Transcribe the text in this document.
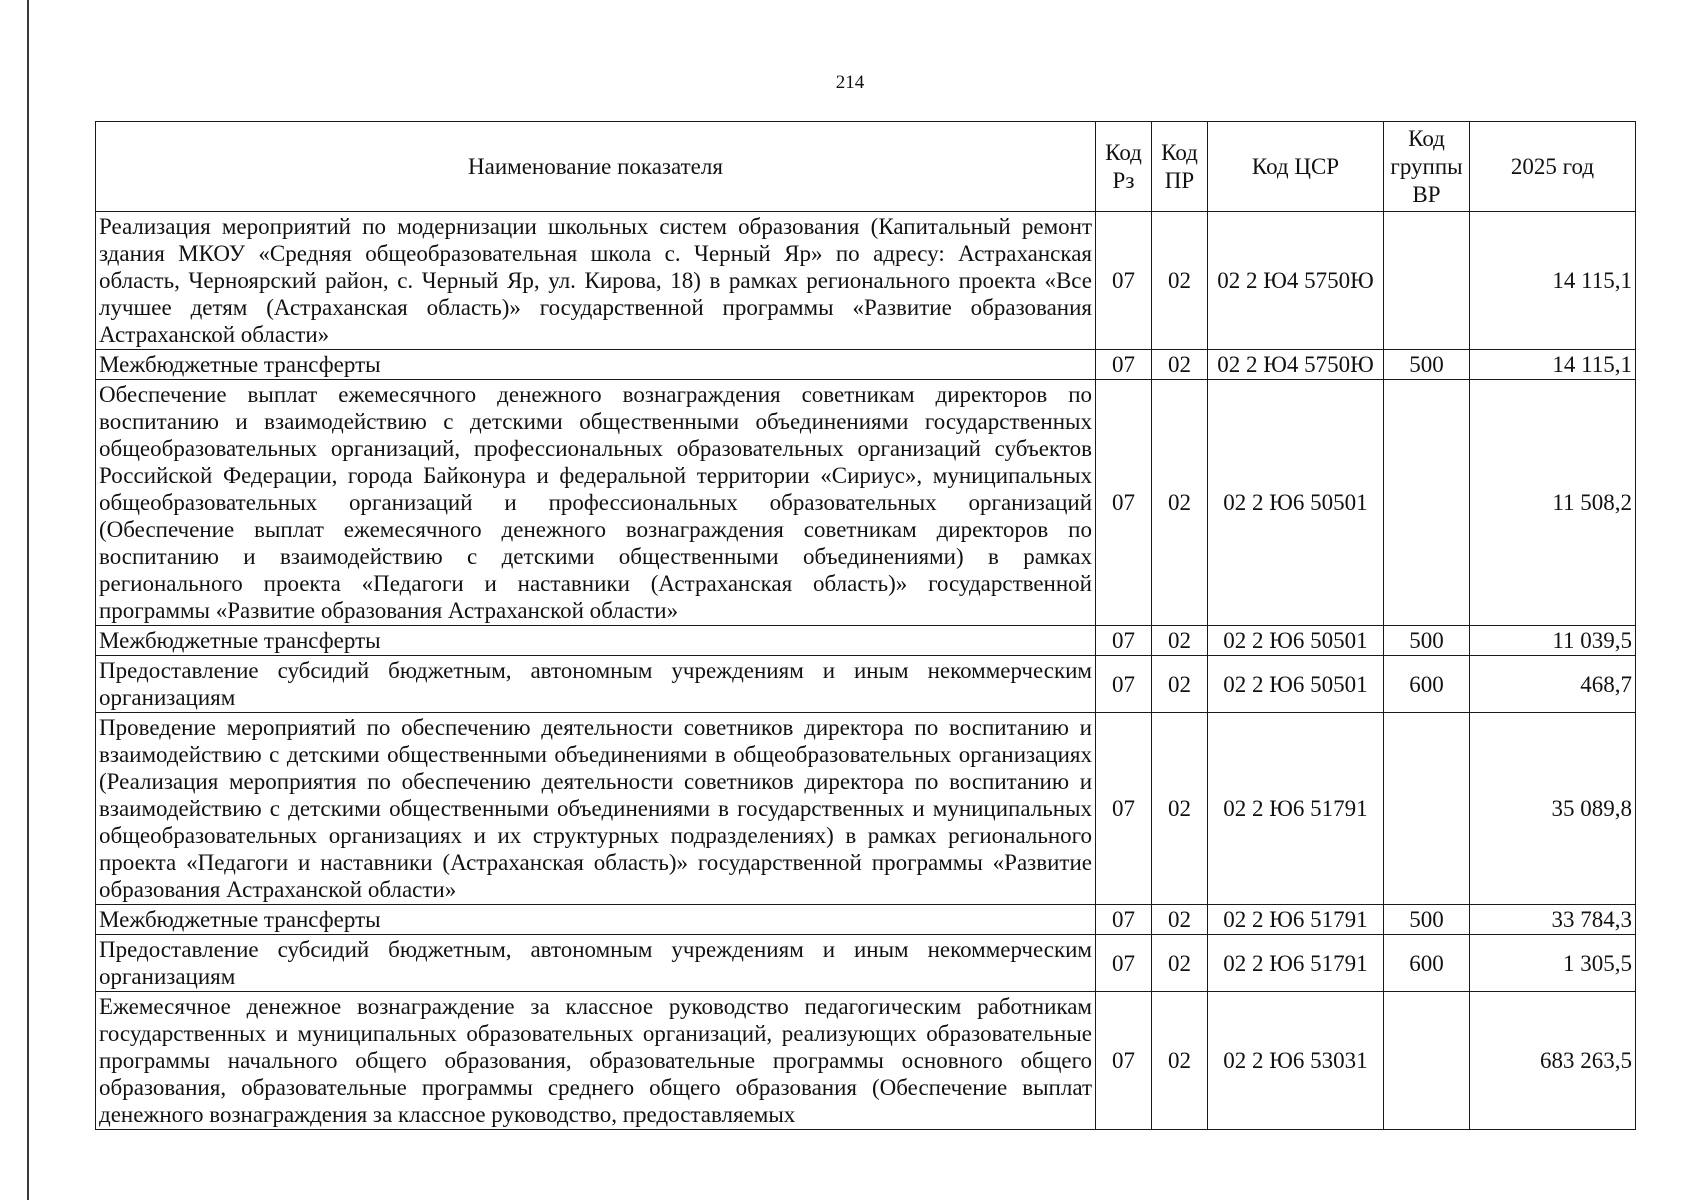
214
Наименование показателя	Код Рз	Код ПР	Код ЦСР	Код группы ВР	2025 год
Реализация мероприятий по модернизации школьных систем образования (Капитальный ремонт здания МКОУ «Средняя общеобразовательная школа с. Черный Яр» по адресу: Астраханская область, Черноярский район, с. Черный Яр, ул. Кирова, 18) в рамках регионального проекта «Все лучшее детям (Астраханская область)» государственной программы «Развитие образования Астраханской области»	07	02	02 2 Ю4 5750Ю		14 115,1
Межбюджетные трансферты	07	02	02 2 Ю4 5750Ю	500	14 115,1
Обеспечение выплат ежемесячного денежного вознаграждения советникам директоров по воспитанию и взаимодействию с детскими общественными объединениями государственных общеобразовательных организаций, профессиональных образовательных организаций субъектов Российской Федерации, города Байконура и федеральной территории «Сириус», муниципальных общеобразовательных организаций и профессиональных образовательных организаций (Обеспечение выплат ежемесячного денежного вознаграждения советникам директоров по воспитанию и взаимодействию с детскими общественными объединениями) в рамках регионального проекта «Педагоги и наставники (Астраханская область)» государственной программы «Развитие образования Астраханской области»	07	02	02 2 Ю6 50501		11 508,2
Межбюджетные трансферты	07	02	02 2 Ю6 50501	500	11 039,5
Предоставление субсидий бюджетным, автономным учреждениям и иным некоммерческим организациям	07	02	02 2 Ю6 50501	600	468,7
Проведение мероприятий по обеспечению деятельности советников директора по воспитанию и взаимодействию с детскими общественными объединениями в общеобразовательных организациях (Реализация мероприятия по обеспечению деятельности советников директора по воспитанию и взаимодействию с детскими общественными объединениями в государственных и муниципальных общеобразовательных организациях и их структурных подразделениях) в рамках регионального проекта «Педагоги и наставники (Астраханская область)» государственной программы «Развитие образования Астраханской области»	07	02	02 2 Ю6 51791		35 089,8
Межбюджетные трансферты	07	02	02 2 Ю6 51791	500	33 784,3
Предоставление субсидий бюджетным, автономным учреждениям и иным некоммерческим организациям	07	02	02 2 Ю6 51791	600	1 305,5
Ежемесячное денежное вознаграждение за классное руководство педагогическим работникам государственных и муниципальных образовательных организаций, реализующих образовательные программы начального общего образования, образовательные программы основного общего образования, образовательные программы среднего общего образования (Обеспечение выплат денежного вознаграждения за классное руководство, предоставляемых	07	02	02 2 Ю6 53031		683 263,5
